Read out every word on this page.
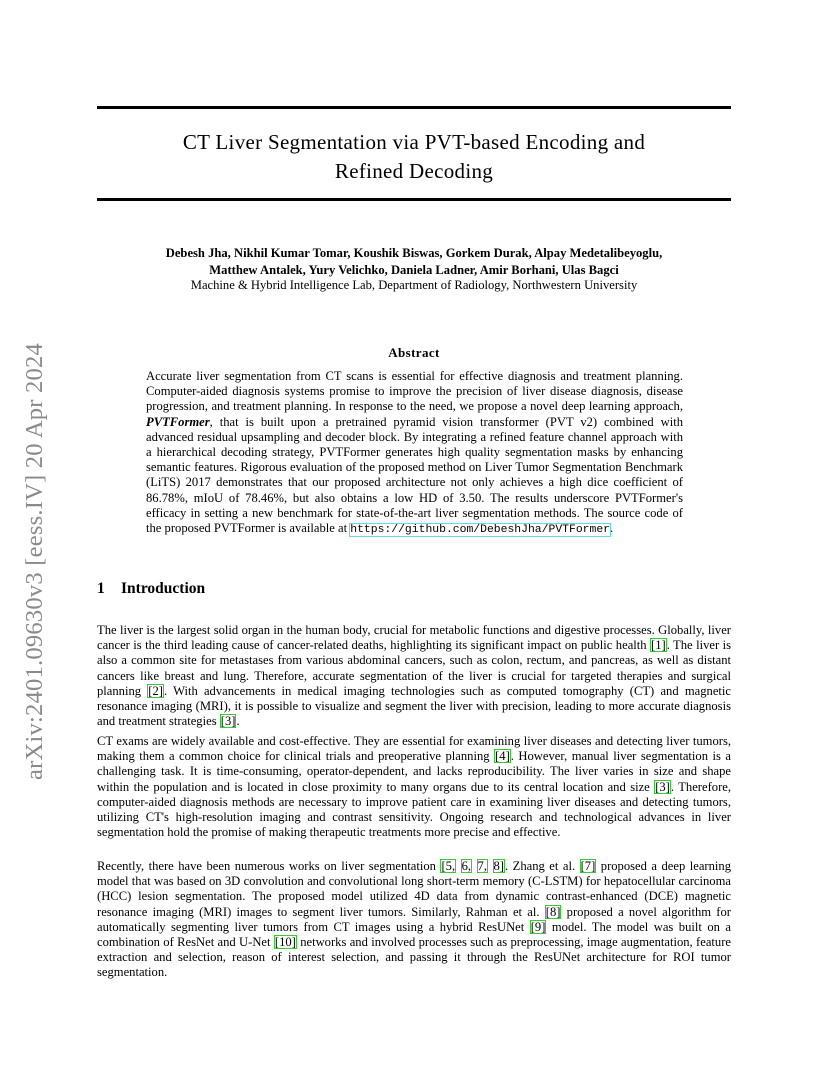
arXiv:2401.09630v3 [eess.IV] 20 Apr 2024
CT Liver Segmentation via PVT-based Encoding and
Refined Decoding
Debesh Jha, Nikhil Kumar Tomar, Koushik Biswas, Gorkem Durak, Alpay Medetalibeyoglu,
Matthew Antalek, Yury Velichko, Daniela Ladner, Amir Borhani, Ulas Bagci
Machine & Hybrid Intelligence Lab, Department of Radiology, Northwestern University
Abstract
Accurate liver segmentation from CT scans is essential for effective diagnosis and treatment planning. Computer-aided diagnosis systems promise to improve the precision of liver disease diagnosis, disease progression, and treatment planning. In response to the need, we propose a novel deep learning approach, PVTFormer, that is built upon a pretrained pyramid vision transformer (PVT v2) combined with advanced residual upsampling and decoder block. By integrating a refined feature channel approach with a hierarchical decoding strategy, PVTFormer generates high quality segmentation masks by enhancing semantic features. Rigorous evaluation of the proposed method on Liver Tumor Segmentation Benchmark (LiTS) 2017 demonstrates that our proposed architecture not only achieves a high dice coefficient of 86.78%, mIoU of 78.46%, but also obtains a low HD of 3.50. The results underscore PVTFormer's efficacy in setting a new benchmark for state-of-the-art liver segmentation methods. The source code of the proposed PVTFormer is available at https://github.com/DebeshJha/PVTFormer.
1 Introduction
The liver is the largest solid organ in the human body, crucial for metabolic functions and digestive processes. Globally, liver cancer is the third leading cause of cancer-related deaths, highlighting its significant impact on public health [1]. The liver is also a common site for metastases from various abdominal cancers, such as colon, rectum, and pancreas, as well as distant cancers like breast and lung. Therefore, accurate segmentation of the liver is crucial for targeted therapies and surgical planning [2]. With advancements in medical imaging technologies such as computed tomography (CT) and magnetic resonance imaging (MRI), it is possible to visualize and segment the liver with precision, leading to more accurate diagnosis and treatment strategies [3].
CT exams are widely available and cost-effective. They are essential for examining liver diseases and detecting liver tumors, making them a common choice for clinical trials and preoperative planning [4]. However, manual liver segmentation is a challenging task. It is time-consuming, operator-dependent, and lacks reproducibility. The liver varies in size and shape within the population and is located in close proximity to many organs due to its central location and size [3]. Therefore, computer-aided diagnosis methods are necessary to improve patient care in examining liver diseases and detecting tumors, utilizing CT's high-resolution imaging and contrast sensitivity. Ongoing research and technological advances in liver segmentation hold the promise of making therapeutic treatments more precise and effective.
Recently, there have been numerous works on liver segmentation [5, 6, 7, 8]. Zhang et al. [7] proposed a deep learning model that was based on 3D convolution and convolutional long short-term memory (C-LSTM) for hepatocellular carcinoma (HCC) lesion segmentation. The proposed model utilized 4D data from dynamic contrast-enhanced (DCE) magnetic resonance imaging (MRI) images to segment liver tumors. Similarly, Rahman et al. [8] proposed a novel algorithm for automatically segmenting liver tumors from CT images using a hybrid ResUNet [9] model. The model was built on a combination of ResNet and U-Net [10] networks and involved processes such as preprocessing, image augmentation, feature extraction and selection, reason of interest selection, and passing it through the ResUNet architecture for ROI tumor segmentation.
